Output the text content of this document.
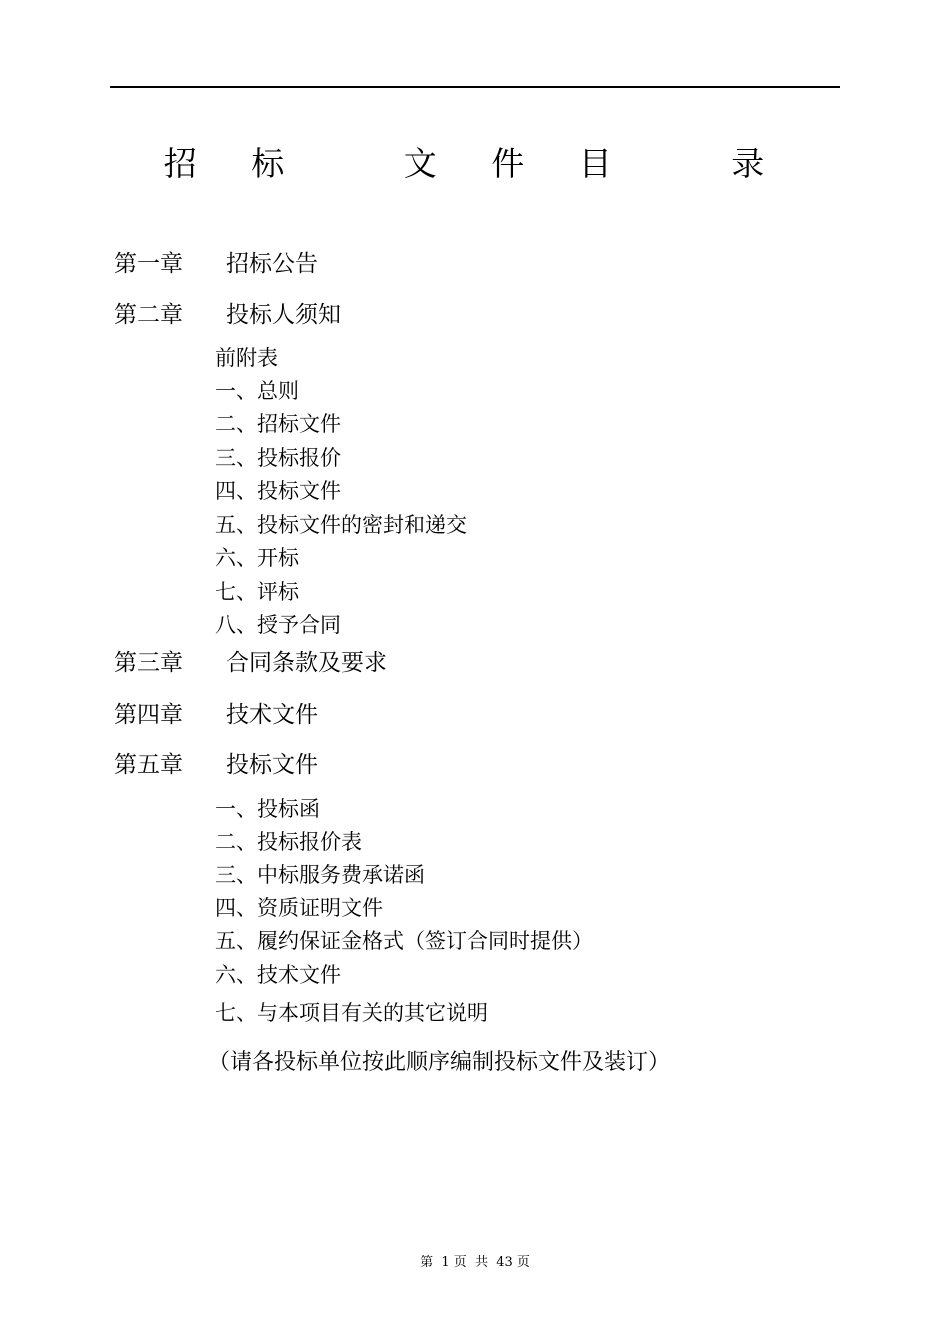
招 标   文 件 目   录
第一章 招标公告
第二章 投标人须知
前附表
一、总则
二、招标文件
三、投标报价
四、投标文件
五、投标文件的密封和递交
六、开标
七、评标
八、授予合同
第三章 合同条款及要求
第四章 技术文件
第五章 投标文件
一、投标函
二、投标报价表
三、中标服务费承诺函
四、资质证明文件
五、履约保证金格式（签订合同时提供）
六、技术文件
七、与本项目有关的其它说明
（请各投标单位按此顺序编制投标文件及装订）
第  1 页  共  43 页
